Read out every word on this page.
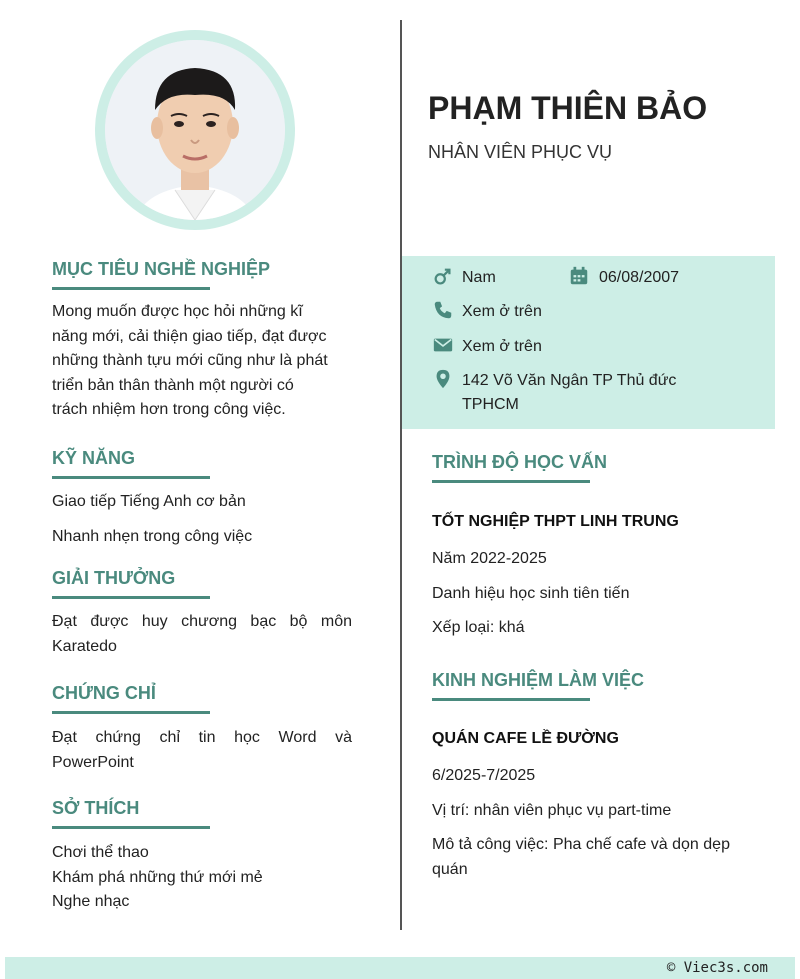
MỤC TIÊU NGHỀ NGHIỆP
Mong muốn được học hỏi những kĩ
năng mới, cải thiện giao tiếp, đạt được
những thành tựu mới cũng như là phát
triển bản thân thành một người có
trách nhiệm hơn trong công việc.
KỸ NĂNG
Giao tiếp Tiếng Anh cơ bản
Nhanh nhẹn trong công việc
GIẢI THƯỞNG
Đạt được huy chương bạc bộ môn
Karatedo
CHỨNG CHỈ
Đạt chứng chỉ tin học Word và
PowerPoint
SỞ THÍCH
Chơi thể thao
Khám phá những thứ mới mẻ
Nghe nhạc
PHẠM THIÊN BẢO
NHÂN VIÊN PHỤC VỤ
Nam	06/08/2007
Xem ở trên
Xem ở trên
142 Võ Văn Ngân TP Thủ đức
TPHCM
TRÌNH ĐỘ HỌC VẤN
TỐT NGHIỆP THPT LINH TRUNG
Năm 2022-2025
Danh hiệu học sinh tiên tiến
Xếp loại: khá
KINH NGHIỆM LÀM VIỆC
QUÁN CAFE LỀ ĐƯỜNG
6/2025-7/2025
Vị trí: nhân viên phục vụ part-time
Mô tả công việc: Pha chế cafe và dọn dẹp
quán
© Viec3s.com
